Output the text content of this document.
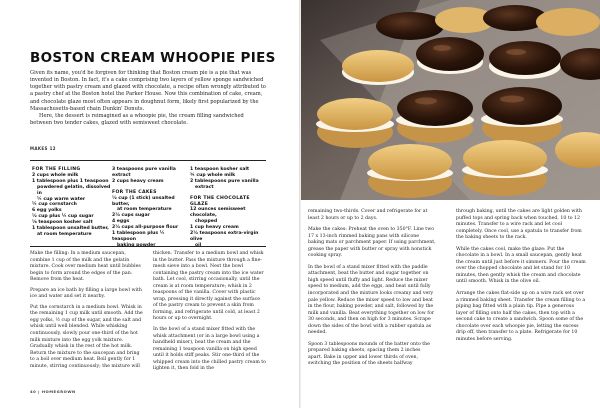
BOSTON CREAM WHOOPIE PIES

Given its name, you'd be forgiven for thinking that Boston cream pie is a pie that was invented in Boston. In fact, it's a cake comprising two layers of yellow sponge sandwiched together with pastry cream and glazed with chocolate, a recipe often wrongly attributed to a pastry chef at the Boston hotel the Parker House. Now this combination of cake, cream, and chocolate glaze most often appears in doughnut form, likely first popularized by the Massachusetts-based chain Dunkin' Donuts.

Here, the dessert is reimagined as a whoopie pie, the cream filling sandwiched between two tender cakes, glazed with semisweet chocolate.

MAKES 12
FOR THE FILLING
2 cups whole milk
1 tablespoon plus 1 teaspoon
powdered gelatin, dissolved in
¼ cup warm water
¼ cup cornstarch
6 egg yolks
½ cup plus ¼ cup sugar
⅛ teaspoon kosher salt
1 tablespoon unsalted butter,
at room temperature
3 teaspoons pure vanilla extract
2 cups heavy cream
FOR THE CAKES
½ cup (1 stick) unsalted butter,
at room temperature
2½ cups sugar
4 eggs
2½ cups all-purpose flour
1 tablespoon plus ¼ teaspoon
baking powder
1 teaspoon kosher salt
¾ cup whole milk
2 tablespoons pure vanilla
extract
FOR THE CHOCOLATE GLAZE
12 ounces semisweet chocolate,
chopped
1 cup heavy cream
2½ teaspoons extra-virgin olive
oil

Make the filling: In a medium saucepan, combine 1 cup of the milk and the gelatin mixture. Cook over medium heat until bubbles begin to form around the edges of the pan. Remove from the heat.

Prepare an ice bath by filling a large bowl with ice and water and set it nearby.

Put the cornstarch in a medium bowl. Whisk in the remaining 1 cup milk until smooth. Add the egg yolks, ½ cup of the sugar, and the salt and whisk until well blended. While whisking continuously, slowly pour one-third of the hot milk mixture into the egg yolk mixture. Gradually whisk in the rest of the hot milk. Return the mixture to the saucepan and bring to a boil over medium heat. Boil gently for 1 minute, stirring continuously; the mixture will

thicken. Transfer to a medium bowl and whisk in the butter. Pass the mixture through a fine-mesh sieve into a bowl. Nest the bowl containing the pastry cream into the ice water bath. Let cool, stirring occasionally, until the cream is at room temperature; whisk in 2 teaspoons of the vanilla. Cover with plastic wrap, pressing it directly against the surface of the pastry cream to prevent a skin from forming, and refrigerate until cold, at least 2 hours or up to overnight.

In the bowl of a stand mixer fitted with the whisk attachment (or in a large bowl using a handheld mixer), beat the cream and the remaining 1 teaspoon vanilla on high speed until it holds stiff peaks. Stir one-third of the whipped cream into the chilled pastry cream to lighten it, then fold in the

40 | HOMEGROWN

remaining two-thirds. Cover and refrigerate for at least 2 hours or up to 2 days.

Make the cakes: Preheat the oven to 350°F. Line two 17 x 13-inch rimmed baking pans with silicone baking mats or parchment paper. If using parchment, grease the paper with butter or spray with nonstick cooking spray.

In the bowl of a stand mixer fitted with the paddle attachment, beat the butter and sugar together on high speed until fluffy and light. Reduce the mixer speed to medium, add the eggs, and beat until fully incorporated and the mixture looks creamy and very pale yellow. Reduce the mixer speed to low and beat in the flour, baking powder, and salt, followed by the milk and vanilla. Beat everything together on low for 30 seconds, and then on high for 3 minutes. Scrape down the sides of the bowl with a rubber spatula as needed.

Spoon 3 tablespoons mounds of the batter onto the prepared baking sheets, spacing them 2 inches apart. Bake in upper and lower thirds of oven, switching the position of the sheets halfway

through baking, until the cakes are light golden with puffed tops and spring back when touched, 10 to 12 minutes. Transfer to a wire rack and let cool completely. Once cool, use a spatula to transfer from the baking sheets to the rack.

While the cakes cool, make the glaze: Put the chocolate in a bowl. In a small saucepan, gently heat the cream until just before it simmers. Pour the cream over the chopped chocolate and let stand for 10 minutes, then gently whisk the cream and chocolate until smooth. Whisk in the olive oil.

Arrange the cakes flat-side up on a wire rack set over a rimmed baking sheet. Transfer the cream filling to a piping bag fitted with a plain tip. Pipe a generous layer of filling onto half the cakes, then top with a second cake to create a sandwich. Spoon some of the chocolate over each whoopie pie, letting the excess drip off, then transfer to a plate. Refrigerate for 10 minutes before serving.
